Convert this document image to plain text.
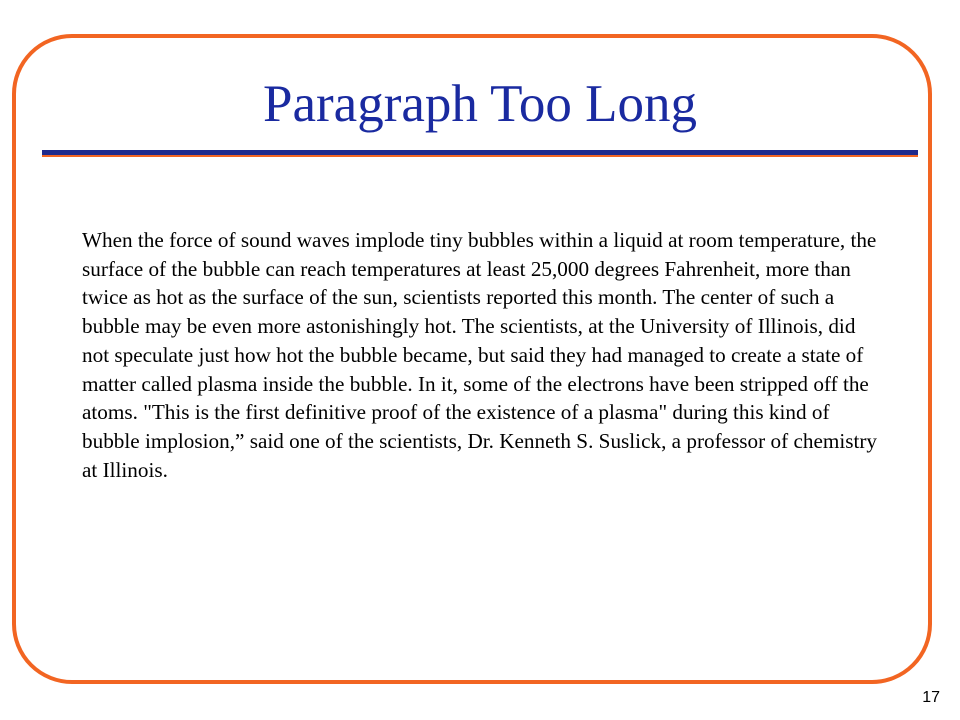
Paragraph Too Long

When the force of sound waves implode tiny bubbles within a liquid at room temperature, the surface of the bubble can reach temperatures at least 25,000 degrees Fahrenheit, more than twice as hot as the surface of the sun, scientists reported this month. The center of such a bubble may be even more astonishingly hot. The scientists, at the University of Illinois, did not speculate just how hot the bubble became, but said they had managed to create a state of matter called plasma inside the bubble. In it, some of the electrons have been stripped off the atoms. "This is the first definitive proof of the existence of a plasma" during this kind of bubble implosion,” said one of the scientists, Dr. Kenneth S. Suslick, a professor of chemistry at Illinois.

17
